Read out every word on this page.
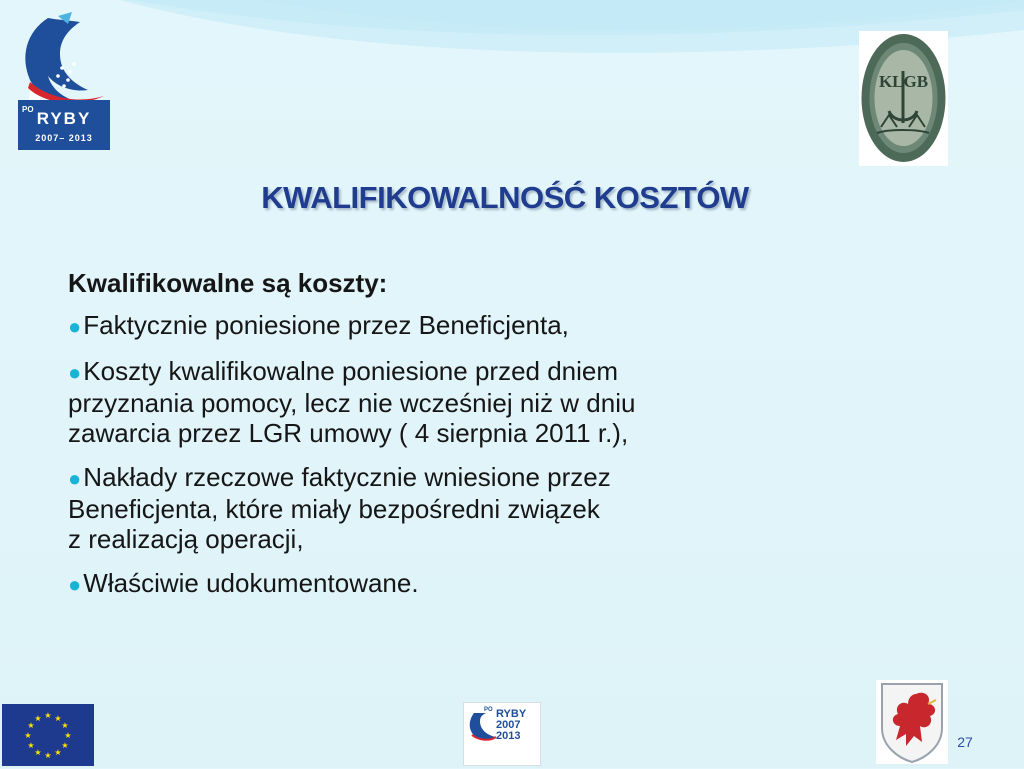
PO RYBY
2007– 2013
KLGB
KWALIFIKOWALNOŚĆ KOSZTÓW
Kwalifikowalne są koszty:
●Faktycznie poniesione przez Beneficjenta,
●Koszty kwalifikowalne poniesione przed dniem
przyznania pomocy, lecz nie wcześniej niż w dniu
zawarcia przez LGR umowy ( 4 sierpnia 2011 r.),
●Nakłady rzeczowe faktycznie wniesione przez
Beneficjenta, które miały bezpośredni związek
z realizacją operacji,
●Właściwie udokumentowane.
★ ★
★
★
★
★
★
★
★
★
★
★
PO RYBY
2007
2013	27
